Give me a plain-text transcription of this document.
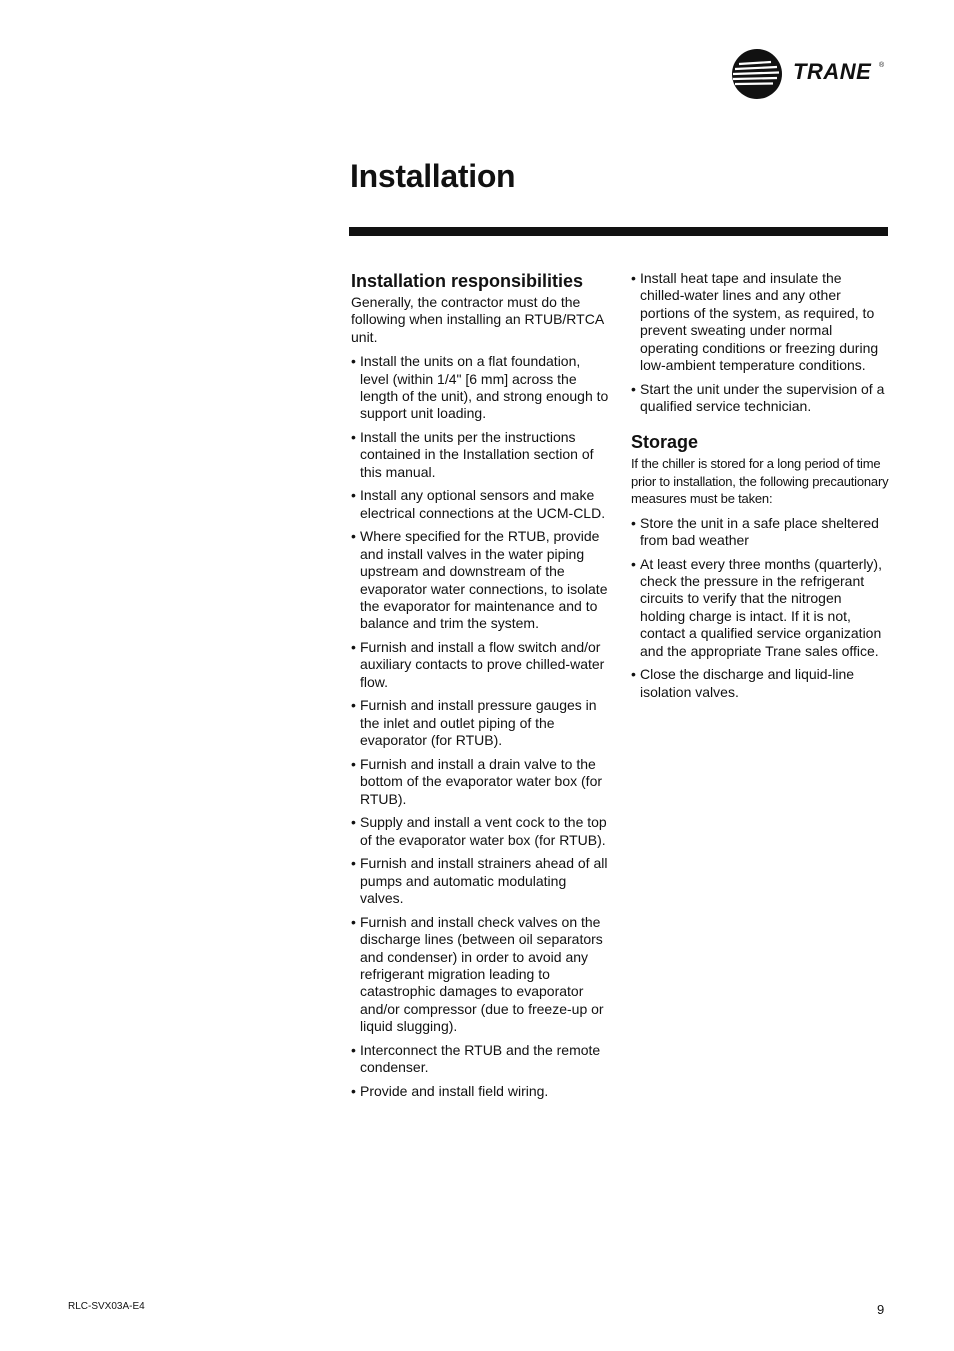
TRANE ®
Installation
Installation responsibilities

Generally, the contractor must do the following when installing an RTUB/RTCA unit.

• Install the units on a flat foundation, level (within 1/4" [6 mm] across the length of the unit), and strong enough to support unit loading.
• Install the units per the instructions contained in the Installation section of this manual.
• Install any optional sensors and make electrical connections at the UCM-CLD.
• Where specified for the RTUB, provide and install valves in the water piping upstream and downstream of the evaporator water connections, to isolate the evaporator for maintenance and to balance and trim the system.
• Furnish and install a flow switch and/or auxiliary contacts to prove chilled-water flow.
• Furnish and install pressure gauges in the inlet and outlet piping of the evaporator (for RTUB).
• Furnish and install a drain valve to the bottom of the evaporator water box (for RTUB).
• Supply and install a vent cock to the top of the evaporator water box (for RTUB).
• Furnish and install strainers ahead of all pumps and automatic modulating valves.
• Furnish and install check valves on the discharge lines (between oil separators and condenser) in order to avoid any refrigerant migration leading to catastrophic damages to evaporator and/or compressor (due to freeze-up or liquid slugging).
• Interconnect the RTUB and the remote condenser.
• Provide and install field wiring.
• Install heat tape and insulate the chilled-water lines and any other portions of the system, as required, to prevent sweating under normal operating conditions or freezing during low-ambient temperature conditions.
• Start the unit under the supervision of a qualified service technician.
Storage

If the chiller is stored for a long period of time prior to installation, the following precautionary measures must be taken:

• Store the unit in a safe place sheltered from bad weather
• At least every three months (quarterly), check the pressure in the refrigerant circuits to verify that the nitrogen holding charge is intact. If it is not, contact a qualified service organization and the appropriate Trane sales office.
• Close the discharge and liquid-line isolation valves.
RLC-SVX03A-E4	9
